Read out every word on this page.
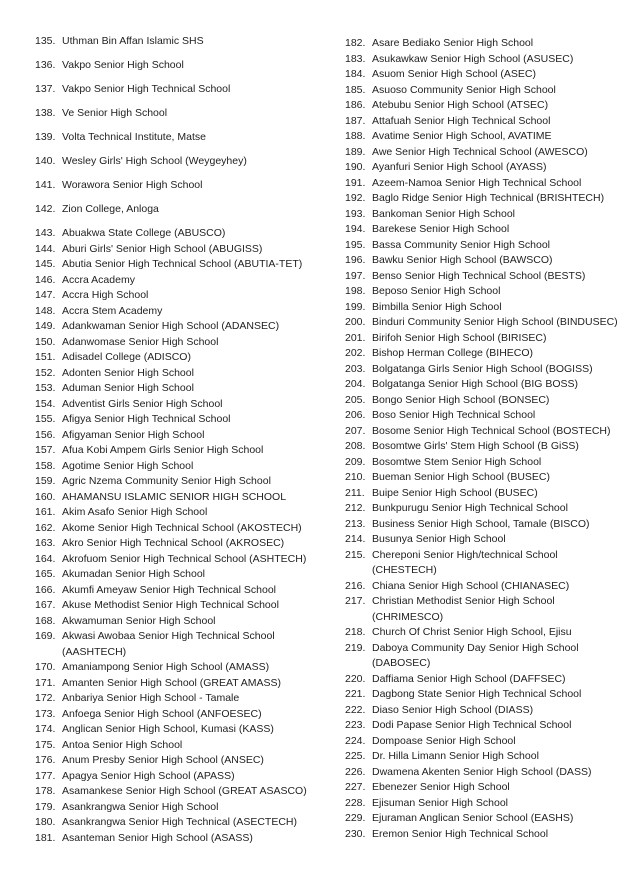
135. Uthman Bin Affan Islamic SHS
136. Vakpo Senior High School
137. Vakpo Senior High Technical School
138. Ve Senior High School
139. Volta Technical Institute, Matse
140. Wesley Girls' High School (Weygeyhey)
141. Worawora Senior High School
142. Zion College, Anloga
143. Abuakwa State College (ABUSCO)
144. Aburi Girls' Senior High School (ABUGISS)
145. Abutia Senior High Technical School (ABUTIA-TET)
146. Accra Academy
147. Accra High School
148. Accra Stem Academy
149. Adankwaman Senior High School (ADANSEC)
150. Adanwomase Senior High School
151. Adisadel College (ADISCO)
152. Adonten Senior High School
153. Aduman Senior High School
154. Adventist Girls Senior High School
155. Afigya Senior High Technical School
156. Afigyaman Senior High School
157. Afua Kobi Ampem Girls Senior High School
158. Agotime Senior High School
159. Agric Nzema Community Senior High School
160. AHAMANSU ISLAMIC SENIOR HIGH SCHOOL
161. Akim Asafo Senior High School
162. Akome Senior High Technical School (AKOSTECH)
163. Akro Senior High Technical School (AKROSEC)
164. Akrofuom Senior High Technical School (ASHTECH)
165. Akumadan Senior High School
166. Akumfi Ameyaw Senior High Technical School
167. Akuse Methodist Senior High Technical School
168. Akwamuman Senior High School
169. Akwasi Awobaa Senior High Technical School
(AASHTECH)
170. Amaniampong Senior High School (AMASS)
171. Amanten Senior High School (GREAT AMASS)
172. Anbariya Senior High School - Tamale
173. Anfoega Senior High School (ANFOESEC)
174. Anglican Senior High School, Kumasi (KASS)
175. Antoa Senior High School
176. Anum Presby Senior High School (ANSEC)
177. Apagya Senior High School (APASS)
178. Asamankese Senior High School (GREAT ASASCO)
179. Asankrangwa Senior High School
180. Asankrangwa Senior High Technical (ASECTECH)
181. Asanteman Senior High School (ASASS)
182. Asare Bediako Senior High School
183. Asukawkaw Senior High School (ASUSEC)
184. Asuom Senior High School (ASEC)
185. Asuoso Community Senior High School
186. Atebubu Senior High School (ATSEC)
187. Attafuah Senior High Technical School
188. Avatime Senior High School, AVATIME
189. Awe Senior High Technical School (AWESCO)
190. Ayanfuri Senior High School (AYASS)
191. Azeem-Namoa Senior High Technical School
192. Baglo Ridge Senior High Technical (BRISHTECH)
193. Bankoman Senior High School
194. Barekese Senior High School
195. Bassa Community Senior High School
196. Bawku Senior High School (BAWSCO)
197. Benso Senior High Technical School (BESTS)
198. Beposo Senior High School
199. Bimbilla Senior High School
200. Binduri Community Senior High School (BINDUSEC)
201. Birifoh Senior High School (BIRISEC)
202. Bishop Herman College (BIHECO)
203. Bolgatanga Girls Senior High School (BOGISS)
204. Bolgatanga Senior High School (BIG BOSS)
205. Bongo Senior High School (BONSEC)
206. Boso Senior High Technical School
207. Bosome Senior High Technical School (BOSTECH)
208. Bosomtwe Girls' Stem High School (B GiSS)
209. Bosomtwe Stem Senior High School
210. Bueman Senior High School (BUSEC)
211. Buipe Senior High School (BUSEC)
212. Bunkpurugu Senior High Technical School
213. Business Senior High School, Tamale (BISCO)
214. Busunya Senior High School
215. Chereponi Senior High/technical School
(CHESTECH)
216. Chiana Senior High School (CHIANASEC)
217. Christian Methodist Senior High School
(CHRIMESCO)
218. Church Of Christ Senior High School, Ejisu
219. Daboya Community Day Senior High School
(DABOSEC)
220. Daffiama Senior High School (DAFFSEC)
221. Dagbong State Senior High Technical School
222. Diaso Senior High School (DIASS)
223. Dodi Papase Senior High Technical School
224. Dompoase Senior High School
225. Dr. Hilla Limann Senior High School
226. Dwamena Akenten Senior High School (DASS)
227. Ebenezer Senior High School
228. Ejisuman Senior High School
229. Ejuraman Anglican Senior School (EASHS)
230. Eremon Senior High Technical School
